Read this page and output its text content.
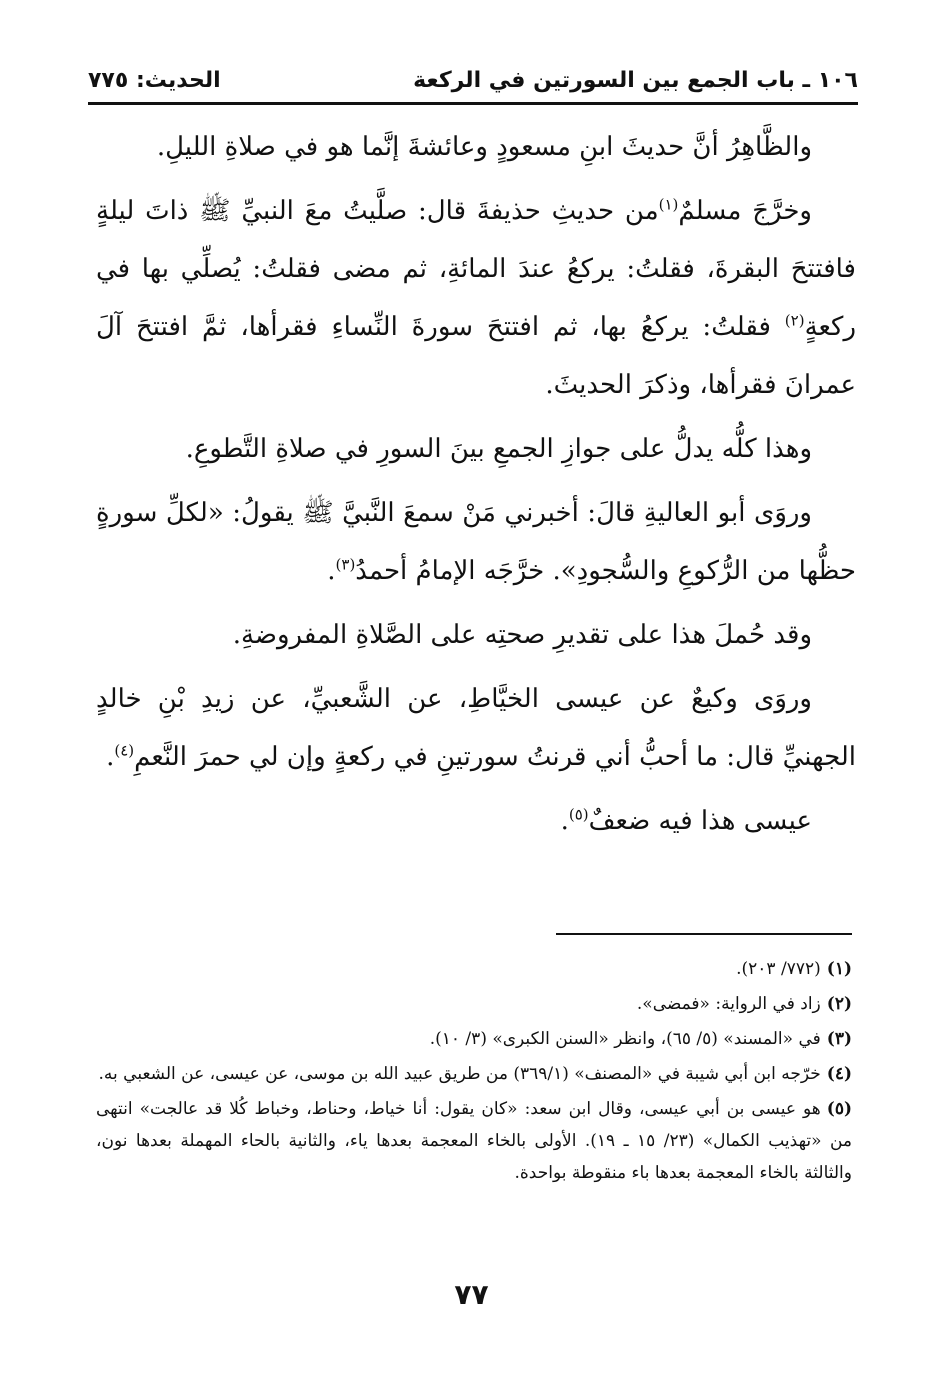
١٠٦ ـ باب الجمع بين السورتين في الركعة
الحديث: ٧٧٥

والظَّاهِرُ أنَّ حديثَ ابنِ مسعودٍ وعائشةَ إنَّما هو في صلاةِ الليلِ.

وخرَّجَ مسلمٌ$^{(١)}$من حديثِ حذيفةَ قال: صلَّيتُ معَ النبيِّ ﷺ ذاتَ ليلةٍ فافتتحَ البقرةَ، فقلتُ: يركعُ عندَ المائةِ، ثم مضى فقلتُ: يُصلِّي بها في ركعةٍ$^{(٢)}$ فقلتُ: يركعُ بها، ثم افتتحَ سورةَ النِّساءِ فقرأها، ثمَّ افتتحَ آلَ عمرانَ فقرأها، وذكرَ الحديثَ.

وهذا كلُّه يدلُّ على جوازِ الجمعِ بينَ السورِ في صلاةِ التَّطوعِ.

وروَى أبو العاليةِ قالَ: أخبرني مَنْ سمعَ النَّبيَّ ﷺ يقولُ: «لكلِّ سورةٍ حظُّها من الرُّكوعِ والسُّجودِ». خرَّجَه الإمامُ أحمدُ$^{(٣)}$.

وقد حُملَ هذا على تقديرِ صحتِه على الصَّلاةِ المفروضةِ.

وروَى وكيعٌ عن عيسى الخيَّاطِ، عن الشَّعبيِّ، عن زيدِ بْنِ خالدٍ الجهنيِّ قال: ما أحبُّ أني قرنتُ سورتينِ في ركعةٍ وإن لي حمرَ النَّعمِ$^{(٤)}$.

عيسى هذا فيه ضعفٌ$^{(٥)}$.

(١)(٧٧٢/ ٢٠٣).

(٢)زاد في الرواية: «فمضى».

(٣)في «المسند» (٥/ ٦٥)، وانظر «السنن الكبرى» (٣/ ١٠).

(٤)خرّجه ابن أبي شيبة في «المصنف» (٣٦٩/١) من طريق عبيد الله بن موسى، عن عيسى، عن الشعبي به.

(٥)هو عيسى بن أبي عيسى، وقال ابن سعد: «كان يقول: أنا خياط، وحناط، وخباط كُلا قد عالجت» انتهى من «تهذيب الكمال» (٢٣/ ١٥ ـ ١٩). الأولى بالخاء المعجمة بعدها ياء، والثانية بالحاء المهملة بعدها نون، والثالثة بالخاء المعجمة بعدها باء منقوطة بواحدة.

٧٧
